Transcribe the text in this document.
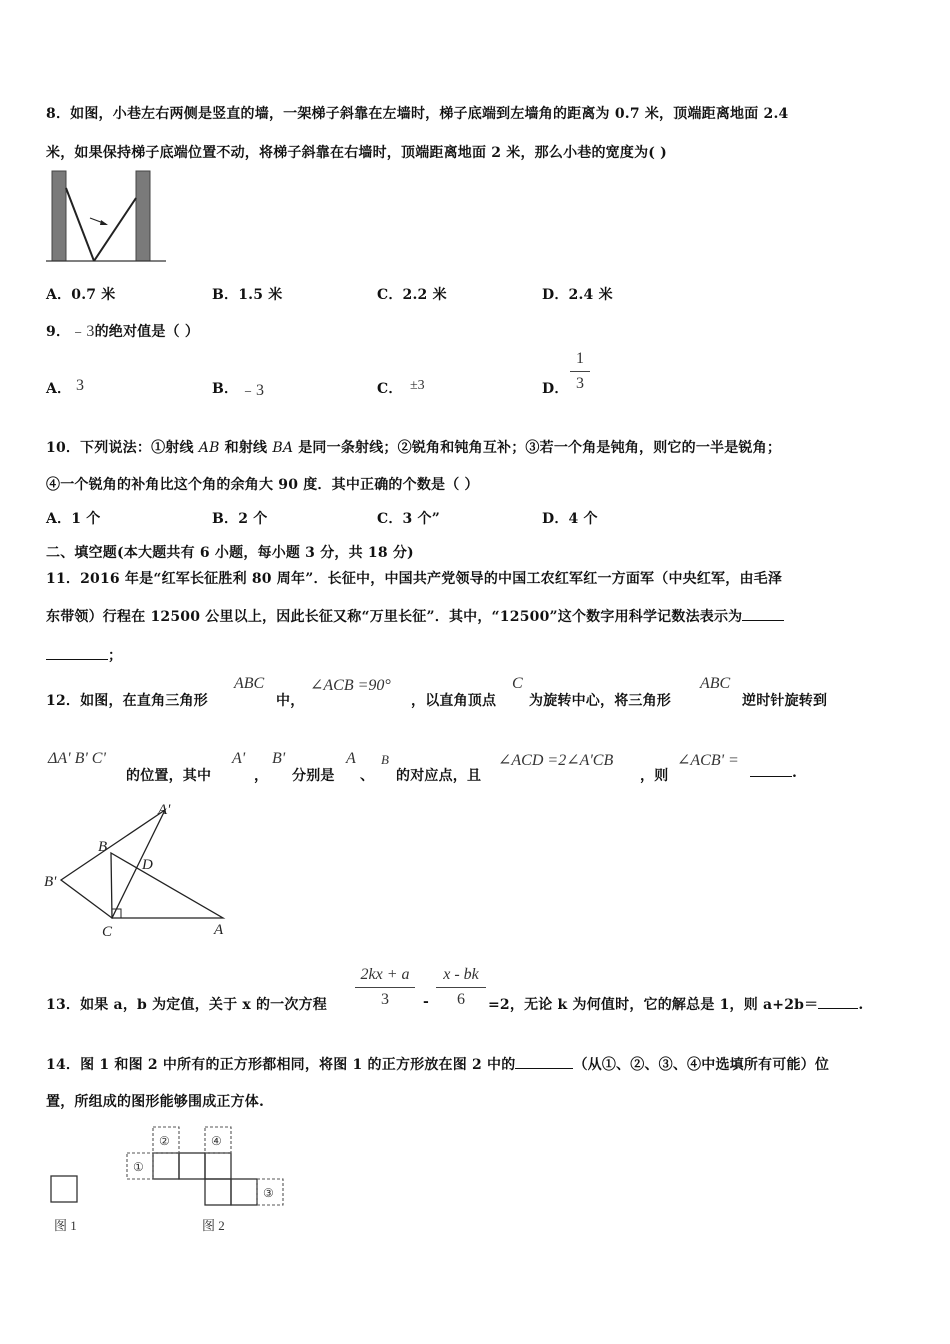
8．如图，小巷左右两侧是竖直的墙，一架梯子斜靠在左墙时，梯子底端到左墙角的距离为 0.7 米，顶端距离地面 2.4
米，如果保持梯子底端位置不动，将梯子斜靠在右墙时，顶端距离地面 2 米，那么小巷的宽度为( )
A．0.7 米	B．1.5 米	C．2.2 米	D．2.4 米
9．﹣3的绝对值是（ ）
A． 3	B． ﹣3	C． ±3	D．
1
3
10．下列说法：①射线 AB 和射线 BA 是同一条射线；②锐角和钝角互补；③若一个角是钝角，则它的一半是锐角；
④一个锐角的补角比这个角的余角大 90 度．其中正确的个数是（ ）
A．1 个	B．2 个	C．3 个”	D．4 个
二、填空题(本大题共有 6 小题，每小题 3 分，共 18 分)
11．2016 年是“红军长征胜利 80 周年”．长征中，中国共产党领导的中国工农红军红一方面军（中央红军，由毛泽
东带领）行程在 12500 公里以上，因此长征又称“万里长征”．其中，“12500”这个数字用科学记数法表示为
；
12．如图，在直角三角形
ABC
中，
∠ACB =90°
，以直角顶点
C
为旋转中心，将三角形
ABC
逆时针旋转到
ΔA' B' C'
的位置，其中
A'
，
B'
分别是
A
、
B
的对应点，且
∠ACD =2∠A'CB
，则
∠ACB' =
.
A'
B
D
B'
C	A
13．如果 a，b 为定值，关于 x 的一次方程
2kx + a
3	-
x - bk
6	=2，无论 k 为何值时，它的解总是 1，则 a+2b＝	.
14．图 1 和图 2 中所有的正方形都相同，将图 1 的正方形放在图 2 中的	（从①、②、③、④中选填所有可能）位
置，所组成的图形能够围成正方体.
图 1
①
②
③
④
图 2
